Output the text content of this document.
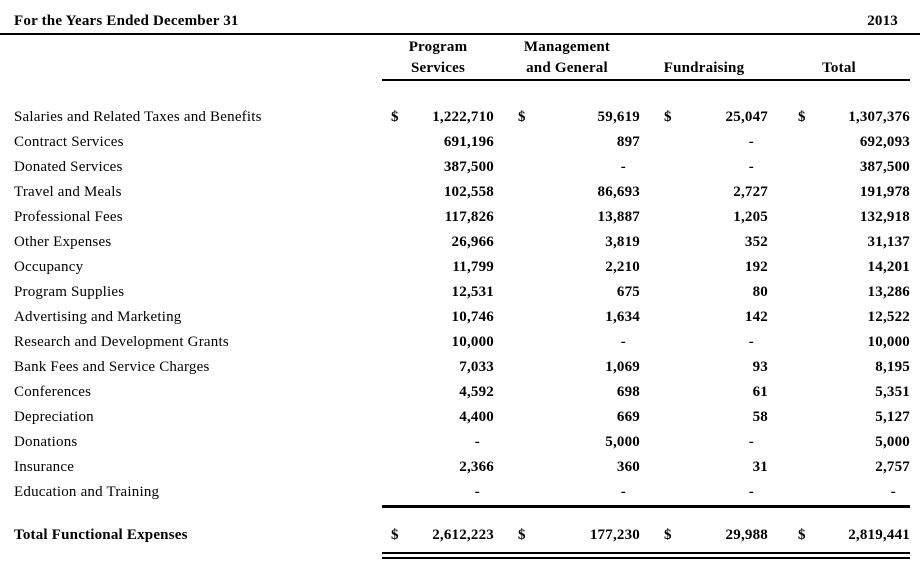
For the Years Ended December 31	2013
Program
Services
Management
and General	Fundraising	Total
Salaries and Related Taxes and Benefits	$ 1,222,710 $	59,619 $	25,047 $	1,307,376
Contract Services	691,196	897	-	692,093
Donated Services	387,500	-	-	387,500
Travel and Meals	102,558	86,693	2,727	191,978
Professional Fees	117,826	13,887	1,205	132,918
Other Expenses	26,966	3,819	352	31,137
Occupancy	11,799	2,210	192	14,201
Program Supplies	12,531	675	80	13,286
Advertising and Marketing	10,746	1,634	142	12,522
Research and Development Grants	10,000	-	-	10,000
Bank Fees and Service Charges	7,033	1,069	93	8,195
Conferences	4,592	698	61	5,351
Depreciation	4,400	669	58	5,127
Donations	-	5,000	-	5,000
Insurance	2,366	360	31	2,757
Education and Training	-	-	-	-
Total Functional Expenses	$ 2,612,223 $	177,230 $	29,988 $	2,819,441
